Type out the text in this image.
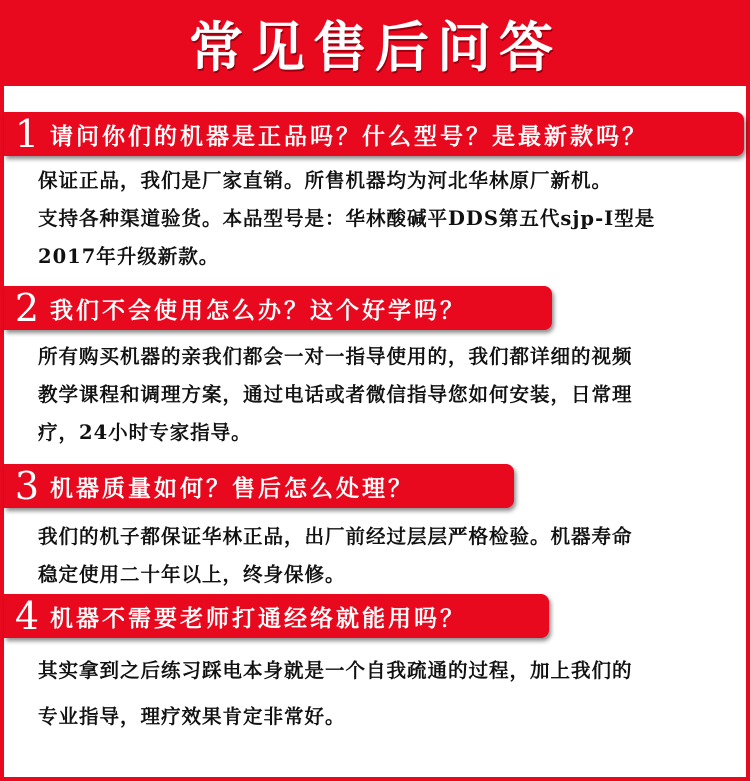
常见售后问答
1 请问你们的机器是正品吗？什么型号？是最新款吗？

保证正品，我们是厂家直销。所售机器均为河北华林原厂新机。

支持各种渠道验货。本品型号是：华林酸碱平DDS第五代sjp-I型是

2017年升级新款。

2 我们不会使用怎么办？这个好学吗？

所有购买机器的亲我们都会一对一指导使用的，我们都详细的视频

教学课程和调理方案，通过电话或者微信指导您如何安装，日常理

疗，24小时专家指导。

3 机器质量如何？售后怎么处理？

我们的机子都保证华林正品，出厂前经过层层严格检验。机器寿命

稳定使用二十年以上，终身保修。

4 机器不需要老师打通经络就能用吗？

其实拿到之后练习踩电本身就是一个自我疏通的过程，加上我们的

专业指导，理疗效果肯定非常好。
